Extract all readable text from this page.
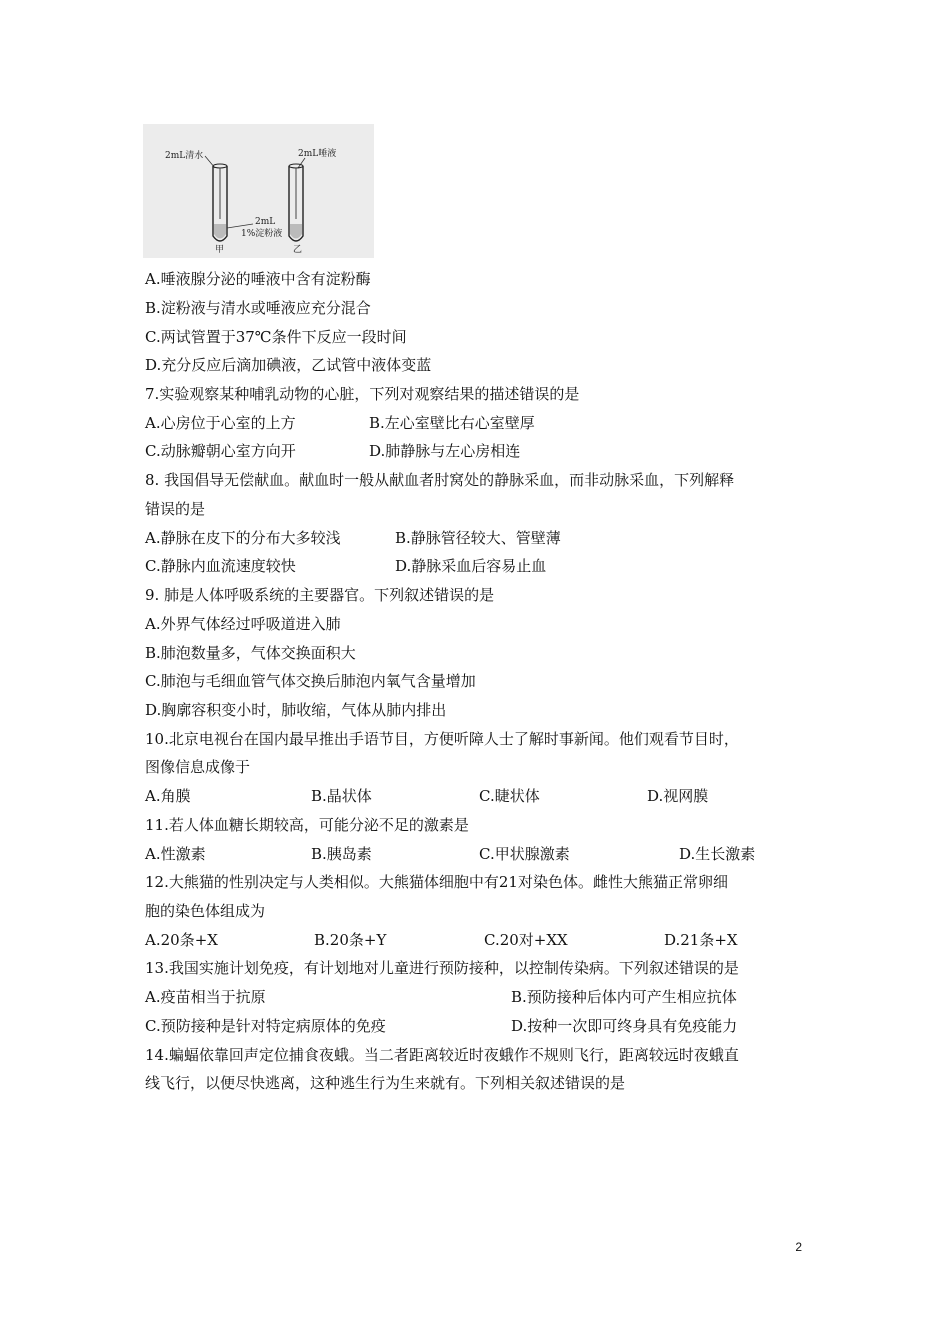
2mL清水
甲
2mL唾液
乙
2mL
1%淀粉液
A.唾液腺分泌的唾液中含有淀粉酶
B.淀粉液与清水或唾液应充分混合
C.两试管置于37℃条件下反应一段时间
D.充分反应后滴加碘液，乙试管中液体变蓝
7.实验观察某种哺乳动物的心脏，下列对观察结果的描述错误的是
A.心房位于心室的上方	B.左心室壁比右心室壁厚
C.动脉瓣朝心室方向开	D.肺静脉与左心房相连
8. 我国倡导无偿献血。献血时一般从献血者肘窝处的静脉采血，而非动脉采血，下列解释
错误的是
A.静脉在皮下的分布大多较浅	B.静脉管径较大、管壁薄
C.静脉内血流速度较快	D.静脉采血后容易止血
9. 肺是人体呼吸系统的主要器官。下列叙述错误的是
A.外界气体经过呼吸道进入肺
B.肺泡数量多，气体交换面积大
C.肺泡与毛细血管气体交换后肺泡内氧气含量增加
D.胸廓容积变小时，肺收缩，气体从肺内排出
10.北京电视台在国内最早推出手语节目，方便听障人士了解时事新闻。他们观看节目时，
图像信息成像于
A.角膜	B.晶状体	C.睫状体	D.视网膜
11.若人体血糖长期较高，可能分泌不足的激素是
A.性激素	B.胰岛素	C.甲状腺激素	D.生长激素
12.大熊猫的性别决定与人类相似。大熊猫体细胞中有21对染色体。雌性大熊猫正常卵细
胞的染色体组成为
A.20条+X	B.20条+Y	C.20对+XX	D.21条+X
13.我国实施计划免疫，有计划地对儿童进行预防接种，以控制传染病。下列叙述错误的是
A.疫苗相当于抗原	B.预防接种后体内可产生相应抗体
C.预防接种是针对特定病原体的免疫	D.按种一次即可终身具有免疫能力
14.蝙蝠依靠回声定位捕食夜蛾。当二者距离较近时夜蛾作不规则飞行，距离较远时夜蛾直
线飞行，以便尽快逃离，这种逃生行为生来就有。下列相关叙述错误的是
2
